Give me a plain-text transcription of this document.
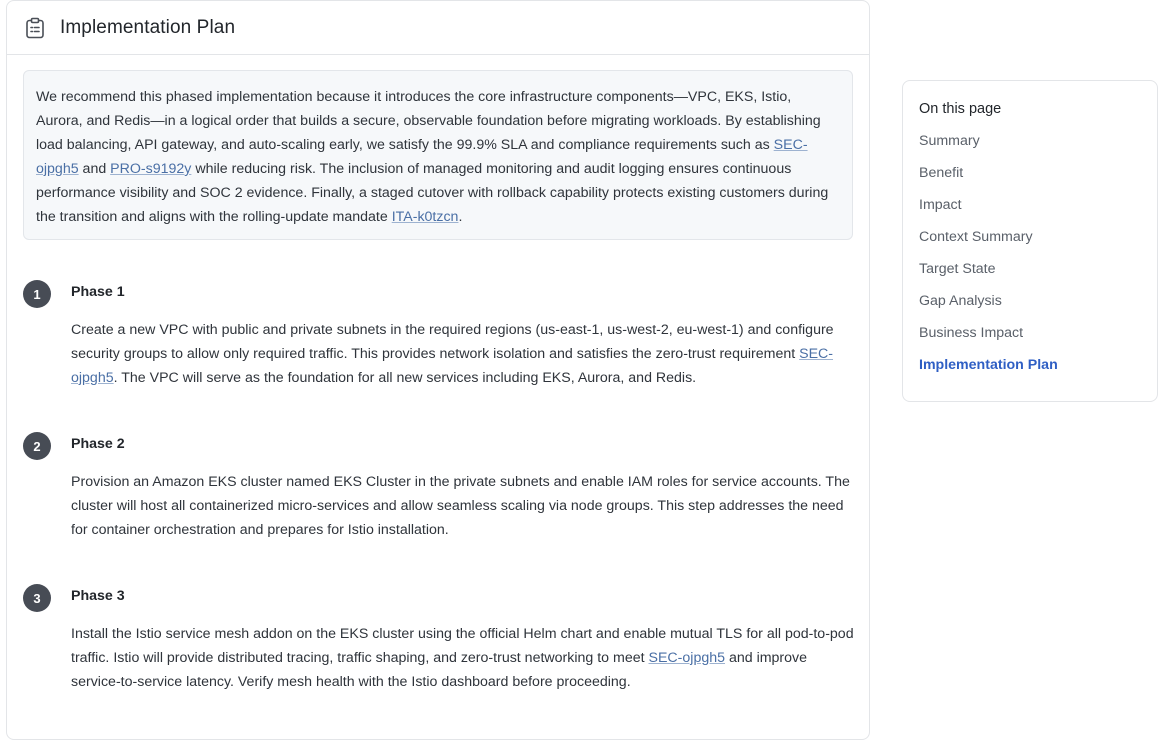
Implementation Plan
We recommend this phased implementation because it introduces the core infrastructure components—VPC, EKS, Istio, Aurora, and Redis—in a logical order that builds a secure, observable foundation before migrating workloads. By establishing load balancing, API gateway, and auto-scaling early, we satisfy the 99.9% SLA and compliance requirements such as SEC-ojpgh5 and PRO-s9192y while reducing risk. The inclusion of managed monitoring and audit logging ensures continuous performance visibility and SOC 2 evidence. Finally, a staged cutover with rollback capability protects existing customers during the transition and aligns with the rolling-update mandate ITA-k0tzcn.
1	Phase 1
Create a new VPC with public and private subnets in the required regions (us-east-1, us-west-2, eu-west-1) and configure security groups to allow only required traffic. This provides network isolation and satisfies the zero-trust requirement SEC-ojpgh5. The VPC will serve as the foundation for all new services including EKS, Aurora, and Redis.
2	Phase 2
Provision an Amazon EKS cluster named EKS Cluster in the private subnets and enable IAM roles for service accounts. The cluster will host all containerized micro-services and allow seamless scaling via node groups. This step addresses the need for container orchestration and prepares for Istio installation.
3	Phase 3
Install the Istio service mesh addon on the EKS cluster using the official Helm chart and enable mutual TLS for all pod-to-pod traffic. Istio will provide distributed tracing, traffic shaping, and zero-trust networking to meet SEC-ojpgh5 and improve service-to-service latency. Verify mesh health with the Istio dashboard before proceeding.
On this page
Summary
Benefit
Impact
Context Summary
Target State
Gap Analysis
Business Impact
Implementation Plan
